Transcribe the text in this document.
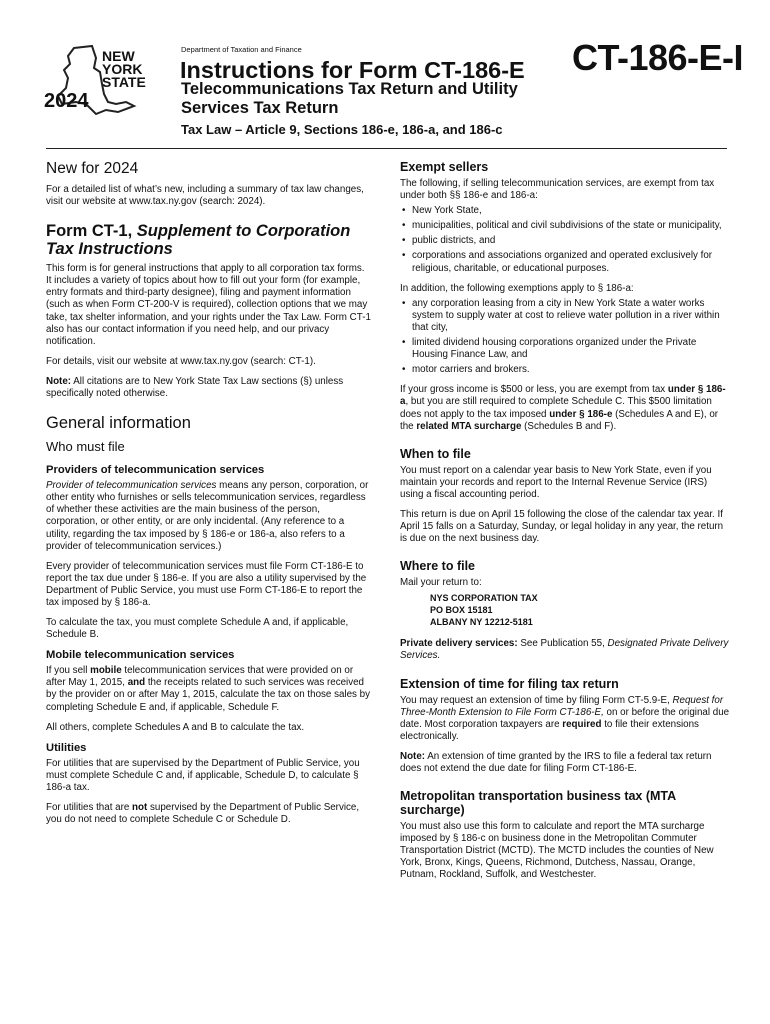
NEW
YORK
STATE
2024
Department of Taxation and Finance
Instructions for Form CT-186-E
Telecommunications Tax Return and Utility Services Tax Return
Tax Law – Article 9, Sections 186-e, 186-a, and 186-c
CT-186-E-I
New for 2024

For a detailed list of what’s new, including a summary of tax law changes, visit our website at www.tax.ny.gov (search: 2024).

Form CT-1, Supplement to Corporation Tax Instructions

This form is for general instructions that apply to all corporation tax forms. It includes a variety of topics about how to fill out your form (for example, entry formats and third-party designee), filing and payment information (such as when Form CT-200-V is required), collection options that we may take, tax shelter information, and your rights under the Tax Law. Form CT-1 also has our contact information if you need help, and our privacy notification.

For details, visit our website at www.tax.ny.gov (search: CT-1).

Note: All citations are to New York State Tax Law sections (§) unless specifically noted otherwise.

General information
Who must file
Providers of telecommunication services

Provider of telecommunication services means any person, corporation, or other entity who furnishes or sells telecommunication services, regardless of whether these activities are the main business of the person, corporation, or other entity, or are only incidental. (Any reference to a utility, regarding the tax imposed by § 186-e or 186-a, also refers to a provider of telecommunication services.)

Every provider of telecommunication services must file Form CT-186-E to report the tax due under § 186-e. If you are also a utility supervised by the Department of Public Service, you must use Form CT-186-E to report the tax imposed by § 186-a.

To calculate the tax, you must complete Schedule A and, if applicable, Schedule B.

Mobile telecommunication services

If you sell mobile telecommunication services that were provided on or after May 1, 2015, and the receipts related to such services was received by the provider on or after May 1, 2015, calculate the tax on those sales by completing Schedule E and, if applicable, Schedule F.

All others, complete Schedules A and B to calculate the tax.

Utilities

For utilities that are supervised by the Department of Public Service, you must complete Schedule C and, if applicable, Schedule D, to calculate § 186-a tax.

For utilities that are not supervised by the Department of Public Service, you do not need to complete Schedule C or Schedule D.

Exempt sellers

The following, if selling telecommunication services, are exempt from tax under both §§ 186-e and 186-a:

• New York State,
• municipalities, political and civil subdivisions of the state or municipality,
• public districts, and
• corporations and associations organized and operated exclusively for religious, charitable, or educational purposes.

In addition, the following exemptions apply to § 186-a:

• any corporation leasing from a city in New York State a water works system to supply water at cost to relieve water pollution in a river within that city,
• limited dividend housing corporations organized under the Private Housing Finance Law, and
• motor carriers and brokers.

If your gross income is $500 or less, you are exempt from tax under § 186-a, but you are still required to complete Schedule C. This $500 limitation does not apply to the tax imposed under § 186-e (Schedules A and E), or the related MTA surcharge (Schedules B and F).

When to file

You must report on a calendar year basis to New York State, even if you maintain your records and report to the Internal Revenue Service (IRS) using a fiscal accounting period.

This return is due on April 15 following the close of the calendar tax year. If April 15 falls on a Saturday, Sunday, or legal holiday in any year, the return is due on the next business day.

Where to file

Mail your return to:

NYS CORPORATION TAX
PO BOX 15181
ALBANY NY 12212-5181

Private delivery services: See Publication 55, Designated Private Delivery Services.

Extension of time for filing tax return

You may request an extension of time by filing Form CT-5.9-E, Request for Three-Month Extension to File Form CT-186-E, on or before the original due date. Most corporation taxpayers are required to file their extensions electronically.

Note: An extension of time granted by the IRS to file a federal tax return does not extend the due date for filing Form CT-186-E.

Metropolitan transportation business tax (MTA surcharge)

You must also use this form to calculate and report the MTA surcharge imposed by § 186-c on business done in the Metropolitan Commuter Transportation District (MCTD). The MCTD includes the counties of New York, Bronx, Kings, Queens, Richmond, Dutchess, Nassau, Orange, Putnam, Rockland, Suffolk, and Westchester.
